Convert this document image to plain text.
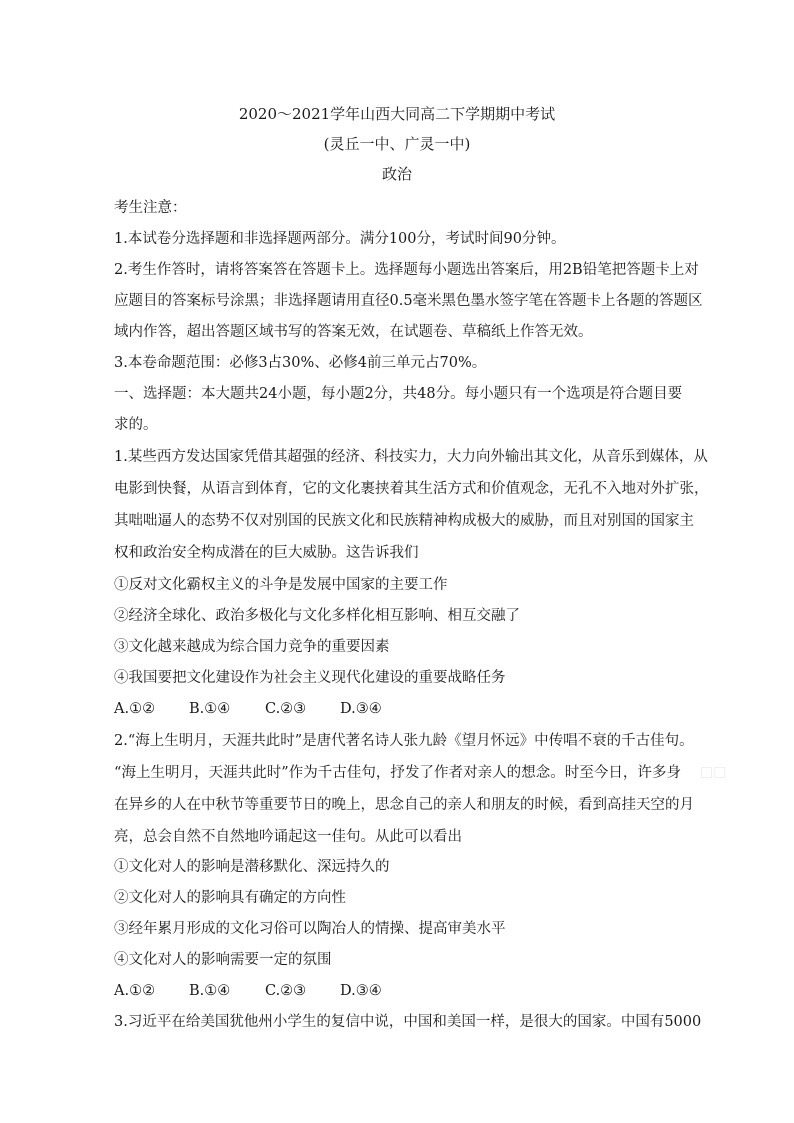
2020～2021学年山西大同高二下学期期中考试
(灵丘一中、广灵一中)
政治
考生注意：
1.本试卷分选择题和非选择题两部分。满分100分，考试时间90分钟。
2.考生作答时，请将答案答在答题卡上。选择题每小题选出答案后，用2B铅笔把答题卡上对
应题目的答案标号涂黑；非选择题请用直径0.5毫米黑色墨水签字笔在答题卡上各题的答题区
域内作答，超出答题区域书写的答案无效，在试题卷、草稿纸上作答无效。
3.本卷命题范围：必修3占30%、必修4前三单元占70%。
一、选择题：本大题共24小题，每小题2分，共48分。每小题只有一个选项是符合题目要
求的。
1.某些西方发达国家凭借其超强的经济、科技实力，大力向外输出其文化，从音乐到媒体，从
电影到快餐，从语言到体育，它的文化裹挟着其生活方式和价值观念，无孔不入地对外扩张，
其咄咄逼人的态势不仅对别国的民族文化和民族精神构成极大的威胁，而且对别国的国家主
权和政治安全构成潜在的巨大威胁。这告诉我们
①反对文化霸权主义的斗争是发展中国家的主要工作
②经济全球化、政治多极化与文化多样化相互影响、相互交融了
③文化越来越成为综合国力竞争的重要因素
④我国要把文化建设作为社会主义现代化建设的重要战略任务
A.①② B.①④ C.②③ D.③④
2.“海上生明月，天涯共此时”是唐代著名诗人张九龄《望月怀远》中传唱不衰的千古佳句。
“海上生明月，天涯共此时”作为千古佳句，抒发了作者对亲人的想念。时至今日，许多身
在异乡的人在中秋节等重要节日的晚上，思念自己的亲人和朋友的时候，看到高挂天空的月
亮，总会自然不自然地吟诵起这一佳句。从此可以看出
①文化对人的影响是潜移默化、深远持久的
②文化对人的影响具有确定的方向性
③经年累月形成的文化习俗可以陶冶人的情操、提高审美水平
④文化对人的影响需要一定的氛围
A.①② B.①④ C.②③ D.③④
3.习近平在给美国犹他州小学生的复信中说，中国和美国一样，是很大的国家。中国有5000
□□
